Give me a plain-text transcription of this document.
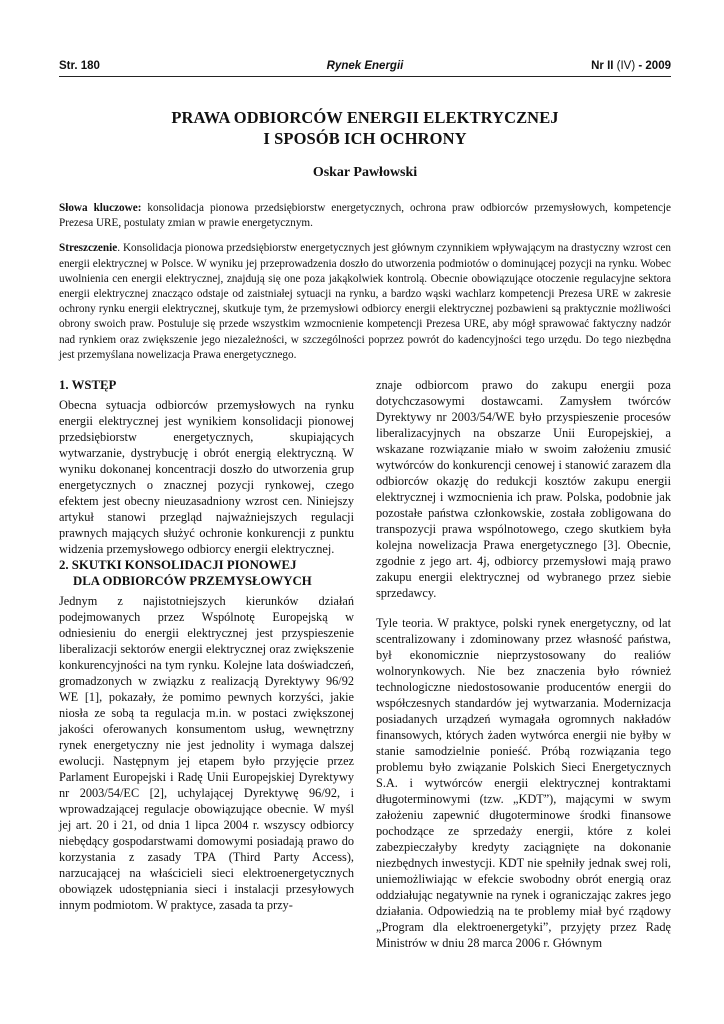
Str. 180	Rynek Energii	Nr II (IV) - 2009
PRAWA ODBIORCÓW ENERGII ELEKTRYCZNEJ
I SPOSÓB ICH OCHRONY
Oskar Pawłowski
Słowa kluczowe: konsolidacja pionowa przedsiębiorstw energetycznych, ochrona praw odbiorców przemysłowych, kompetencje Prezesa URE, postulaty zmian w prawie energetycznym.
Streszczenie. Konsolidacja pionowa przedsiębiorstw energetycznych jest głównym czynnikiem wpływającym na drastyczny wzrost cen energii elektrycznej w Polsce. W wyniku jej przeprowadzenia doszło do utworzenia podmiotów o dominującej pozycji na rynku. Wobec uwolnienia cen energii elektrycznej, znajdują się one poza jakąkolwiek kontrolą. Obecnie obowiązujące otoczenie regulacyjne sektora energii elektrycznej znacząco odstaje od zaistniałej sytuacji na rynku, a bardzo wąski wachlarz kompetencji Prezesa URE w zakresie ochrony rynku energii elektrycznej, skutkuje tym, że przemysłowi odbiorcy energii elektrycznej pozbawieni są praktycznie możliwości obrony swoich praw. Postuluje się przede wszystkim wzmocnienie kompetencji Prezesa URE, aby mógł sprawować faktyczny nadzór nad rynkiem oraz zwiększenie jego niezależności, w szczególności poprzez powrót do kadencyjności tego urzędu. Do tego niezbędna jest przemyślana nowelizacja Prawa energetycznego.
1. WSTĘP

Obecna sytuacja odbiorców przemysłowych na rynku energii elektrycznej jest wynikiem konsolidacji pionowej przedsiębiorstw energetycznych, skupiających wytwarzanie, dystrybucję i obrót energią elektryczną. W wyniku dokonanej koncentracji doszło do utworzenia grup energetycznych o znacznej pozycji rynkowej, czego efektem jest obecny nieuzasadniony wzrost cen. Niniejszy artykuł stanowi przegląd najważniejszych regulacji prawnych mających służyć ochronie konkurencji z punktu widzenia przemysłowego odbiorcy energii elektrycznej.

2. SKUTKI KONSOLIDACJI PIONOWEJ
DLA ODBIORCÓW PRZEMYSŁOWYCH

Jednym z najistotniejszych kierunków działań podejmowanych przez Wspólnotę Europejską w odniesieniu do energii elektrycznej jest przyspieszenie liberalizacji sektorów energii elektrycznej oraz zwiększenie konkurencyjności na tym rynku. Kolejne lata doświadczeń, gromadzonych w związku z realizacją Dyrektywy 96/92 WE [1], pokazały, że pomimo pewnych korzyści, jakie niosła ze sobą ta regulacja m.in. w postaci zwiększonej jakości oferowanych konsumentom usług, wewnętrzny rynek energetyczny nie jest jednolity i wymaga dalszej ewolucji. Następnym jej etapem było przyjęcie przez Parlament Europejski i Radę Unii Europejskiej Dyrektywy nr 2003/54/EC [2], uchylającej Dyrektywę 96/92, i wprowadzającej regulacje obowiązujące obecnie. W myśl jej art. 20 i 21, od dnia 1 lipca 2004 r. wszyscy odbiorcy niebędący gospodarstwami domowymi posiadają prawo do korzystania z zasady TPA (Third Party Access), narzucającej na właścicieli sieci elektroenergetycznych obowiązek udostępniania sieci i instalacji przesyłowych innym podmiotom. W praktyce, zasada ta przy-

znaje odbiorcom prawo do zakupu energii poza dotychczasowymi dostawcami. Zamysłem twórców Dyrektywy nr 2003/54/WE było przyspieszenie procesów liberalizacyjnych na obszarze Unii Europejskiej, a wskazane rozwiązanie miało w swoim założeniu zmusić wytwórców do konkurencji cenowej i stanowić zarazem dla odbiorców okazję do redukcji kosztów zakupu energii elektrycznej i wzmocnienia ich praw. Polska, podobnie jak pozostałe państwa członkowskie, została zobligowana do transpozycji prawa wspólnotowego, czego skutkiem była kolejna nowelizacja Prawa energetycznego [3]. Obecnie, zgodnie z jego art. 4j, odbiorcy przemysłowi mają prawo zakupu energii elektrycznej od wybranego przez siebie sprzedawcy.

Tyle teoria. W praktyce, polski rynek energetyczny, od lat scentralizowany i zdominowany przez własność państwa, był ekonomicznie nieprzystosowany do realiów wolnorynkowych. Nie bez znaczenia było również technologiczne niedostosowanie producentów energii do współczesnych standardów jej wytwarzania. Modernizacja posiadanych urządzeń wymagała ogromnych nakładów finansowych, których żaden wytwórca energii nie byłby w stanie samodzielnie ponieść. Próbą rozwiązania tego problemu było związanie Polskich Sieci Energetycznych S.A. i wytwórców energii elektrycznej kontraktami długoterminowymi (tzw. „KDT”), mającymi w swym założeniu zapewnić długoterminowe środki finansowe pochodzące ze sprzedaży energii, które z kolei zabezpieczałyby kredyty zaciągnięte na dokonanie niezbędnych inwestycji. KDT nie spełniły jednak swej roli, uniemożliwiając w efekcie swobodny obrót energią oraz oddziałując negatywnie na rynek i ograniczając zakres jego działania. Odpowiedzią na te problemy miał być rządowy „Program dla elektroenergetyki”, przyjęty przez Radę Ministrów w dniu 28 marca 2006 r. Głównym
